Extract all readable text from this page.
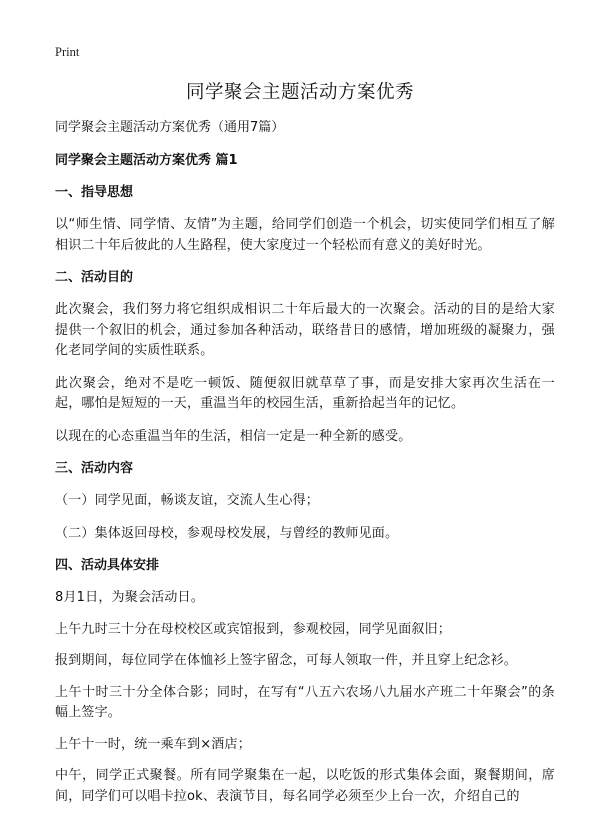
Print
同学聚会主题活动方案优秀

同学聚会主题活动方案优秀（通用7篇）

同学聚会主题活动方案优秀 篇1

一、指导思想

以“师生情、同学情、友情”为主题，给同学们创造一个机会，切实使同学们相互了解相识二十年后彼此的人生路程，使大家度过一个轻松而有意义的美好时光。

二、活动目的

此次聚会，我们努力将它组织成相识二十年后最大的一次聚会。活动的目的是给大家提供一个叙旧的机会，通过参加各种活动，联络昔日的感情，增加班级的凝聚力，强化老同学间的实质性联系。

此次聚会，绝对不是吃一顿饭、随便叙旧就草草了事，而是安排大家再次生活在一起，哪怕是短短的一天，重温当年的校园生活，重新拾起当年的记忆。

以现在的心态重温当年的生活，相信一定是一种全新的感受。

三、活动内容

（一）同学见面，畅谈友谊，交流人生心得；

（二）集体返回母校，参观母校发展，与曾经的教师见面。

四、活动具体安排

8月1日，为聚会活动日。

上午九时三十分在母校校区或宾馆报到，参观校园，同学见面叙旧；

报到期间，每位同学在体恤衫上签字留念，可每人领取一件，并且穿上纪念衫。

上午十时三十分全体合影；同时，在写有“八五六农场八九届水产班二十年聚会”的条幅上签字。

上午十一时，统一乘车到×酒店；

中午，同学正式聚餐。所有同学聚集在一起，以吃饭的形式集体会面，聚餐期间，席间，同学们可以唱卡拉ok、表演节目，每名同学必须至少上台一次，介绍自己的
